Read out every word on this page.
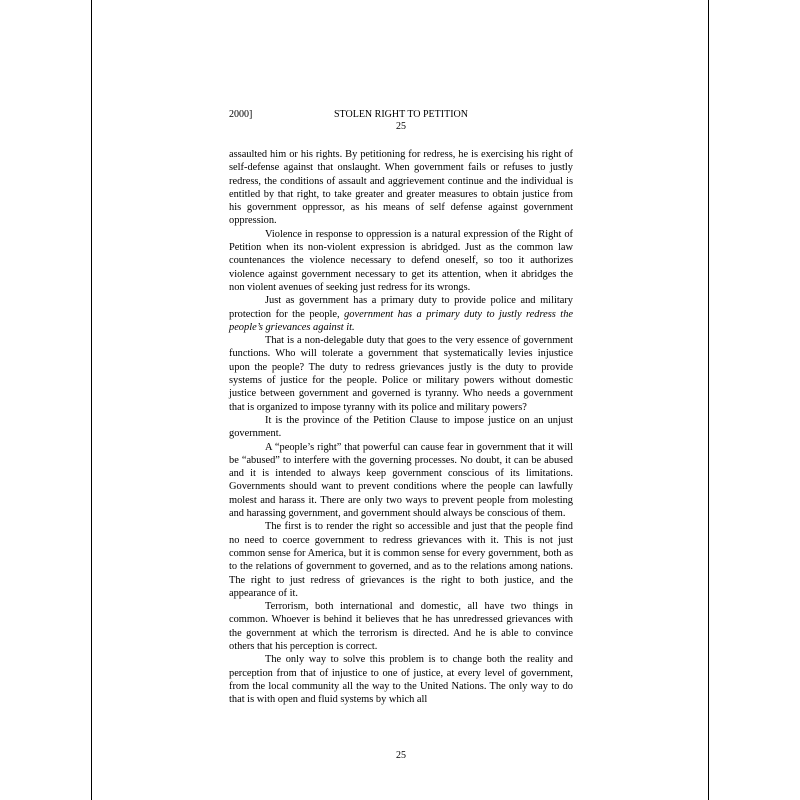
2000]	STOLEN RIGHT TO PETITION
25

assaulted him or his rights. By petitioning for redress, he is exercising his right of self-defense against that onslaught. When government fails or refuses to justly redress, the conditions of assault and aggrievement continue and the individual is entitled by that right, to take greater and greater measures to obtain justice from his government oppressor, as his means of self defense against government oppression.

Violence in response to oppression is a natural expression of the Right of Petition when its non-violent expression is abridged. Just as the common law countenances the violence necessary to defend oneself, so too it authorizes violence against government necessary to get its attention, when it abridges the non violent avenues of seeking just redress for its wrongs.

Just as government has a primary duty to provide police and military protection for the people, government has a primary duty to justly redress the people’s grievances against it.

That is a non-delegable duty that goes to the very essence of government functions. Who will tolerate a government that systematically levies injustice upon the people? The duty to redress grievances justly is the duty to provide systems of justice for the people. Police or military powers without domestic justice between government and governed is tyranny. Who needs a government that is organized to impose tyranny with its police and military powers?

It is the province of the Petition Clause to impose justice on an unjust government.

A “people’s right” that powerful can cause fear in government that it will be “abused” to interfere with the governing processes. No doubt, it can be abused and it is intended to always keep government conscious of its limitations. Governments should want to prevent conditions where the people can lawfully molest and harass it. There are only two ways to prevent people from molesting and harassing government, and government should always be conscious of them.

The first is to render the right so accessible and just that the people find no need to coerce government to redress grievances with it. This is not just common sense for America, but it is common sense for every government, both as to the relations of government to governed, and as to the relations among nations. The right to just redress of grievances is the right to both justice, and the appearance of it.

Terrorism, both international and domestic, all have two things in common. Whoever is behind it believes that he has unredressed grievances with the government at which the terrorism is directed. And he is able to convince others that his perception is correct.

The only way to solve this problem is to change both the reality and perception from that of injustice to one of justice, at every level of government, from the local community all the way to the United Nations. The only way to do that is with open and fluid systems by which all

25
